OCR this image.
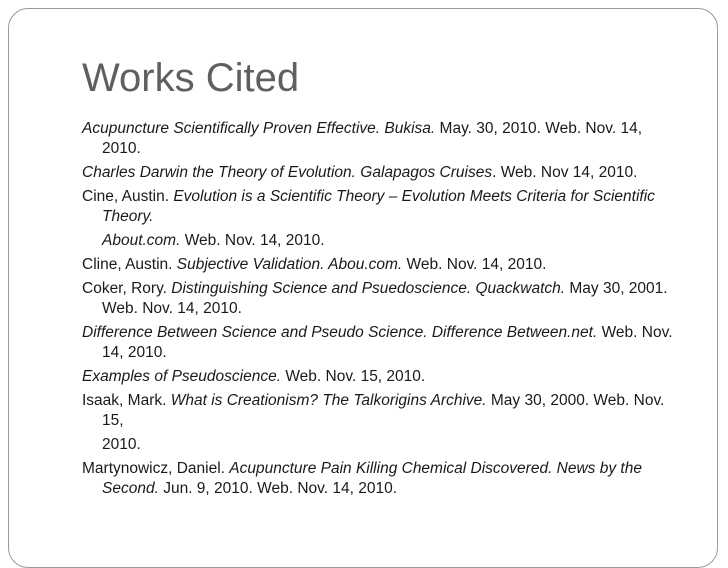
Works Cited
Acupuncture Scientifically Proven Effective. Bukisa. May. 30, 2010. Web. Nov. 14, 2010.
Charles Darwin the Theory of Evolution. Galapagos Cruises. Web. Nov 14, 2010.
Cine, Austin. Evolution is a Scientific Theory – Evolution Meets Criteria for Scientific Theory.
About.com. Web. Nov. 14, 2010.
Cline, Austin. Subjective Validation. Abou.com. Web. Nov. 14, 2010.
Coker, Rory. Distinguishing Science and Psuedoscience. Quackwatch. May 30, 2001. Web. Nov. 14, 2010.
Difference Between Science and Pseudo Science. Difference Between.net. Web. Nov. 14, 2010.
Examples of Pseudoscience. Web. Nov. 15, 2010.
Isaak, Mark. What is Creationism? The Talkorigins Archive. May 30, 2000. Web. Nov. 15,
2010.
Martynowicz, Daniel. Acupuncture Pain Killing Chemical Discovered. News by the Second. Jun. 9, 2010. Web. Nov. 14, 2010.
